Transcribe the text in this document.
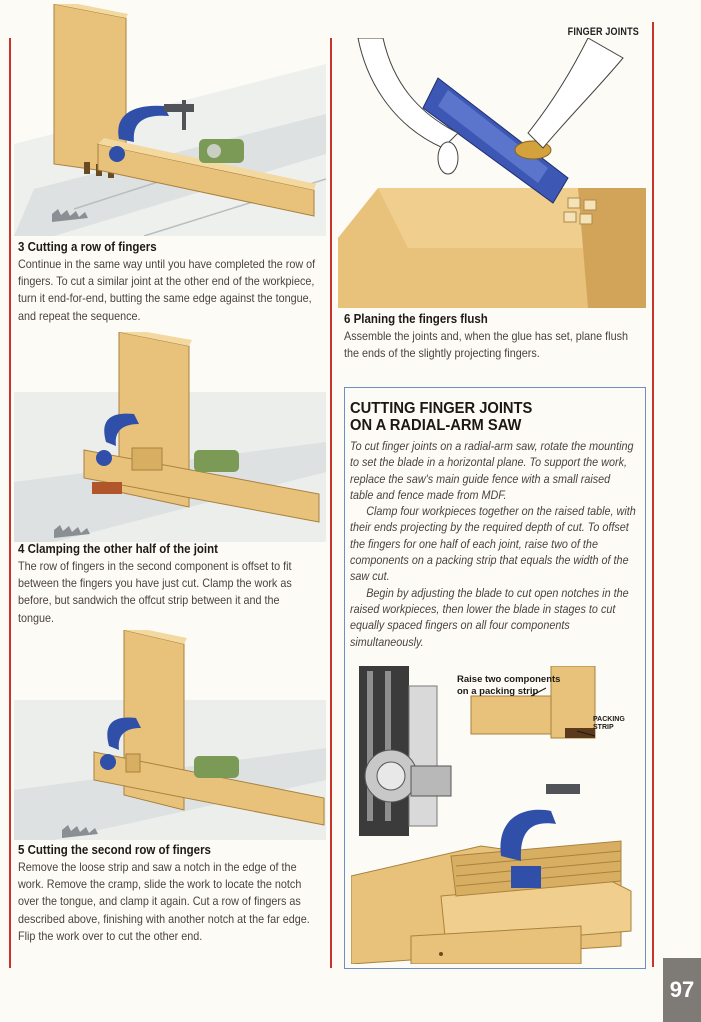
FINGER JOINTS
3 Cutting a row of fingers

Continue in the same way until you have completed the row of fingers. To cut a similar joint at the other end of the workpiece, turn it end-for-end, butting the same edge against the tongue, and repeat the sequence.

4 Clamping the other half of the joint

The row of fingers in the second component is offset to fit between the fingers you have just cut. Clamp the work as before, but sandwich the offcut strip between it and the tongue.

5 Cutting the second row of fingers

Remove the loose strip and saw a notch in the edge of the work. Remove the cramp, slide the work to locate the notch over the tongue, and clamp it again. Cut a row of fingers as described above, finishing with another notch at the far edge. Flip the work over to cut the other end.

6 Planing the fingers flush

Assemble the joints and, when the glue has set, plane flush the ends of the slightly projecting fingers.

CUTTING FINGER JOINTS
ON A RADIAL-ARM SAW

To cut finger joints on a radial-arm saw, rotate the mounting to set the blade in a horizontal plane. To support the work, replace the saw's main guide fence with a small raised table and fence made from MDF.

Clamp four workpieces together on the raised table, with their ends projecting by the required depth of cut. To offset the fingers for one half of each joint, raise two of the components on a packing strip that equals the width of the saw cut.

Begin by adjusting the blade to cut open notches in the raised workpieces, then lower the blade in stages to cut equally spaced fingers on all four components simultaneously.

Raise two components
on a packing strip
PACKING
STRIP
97
